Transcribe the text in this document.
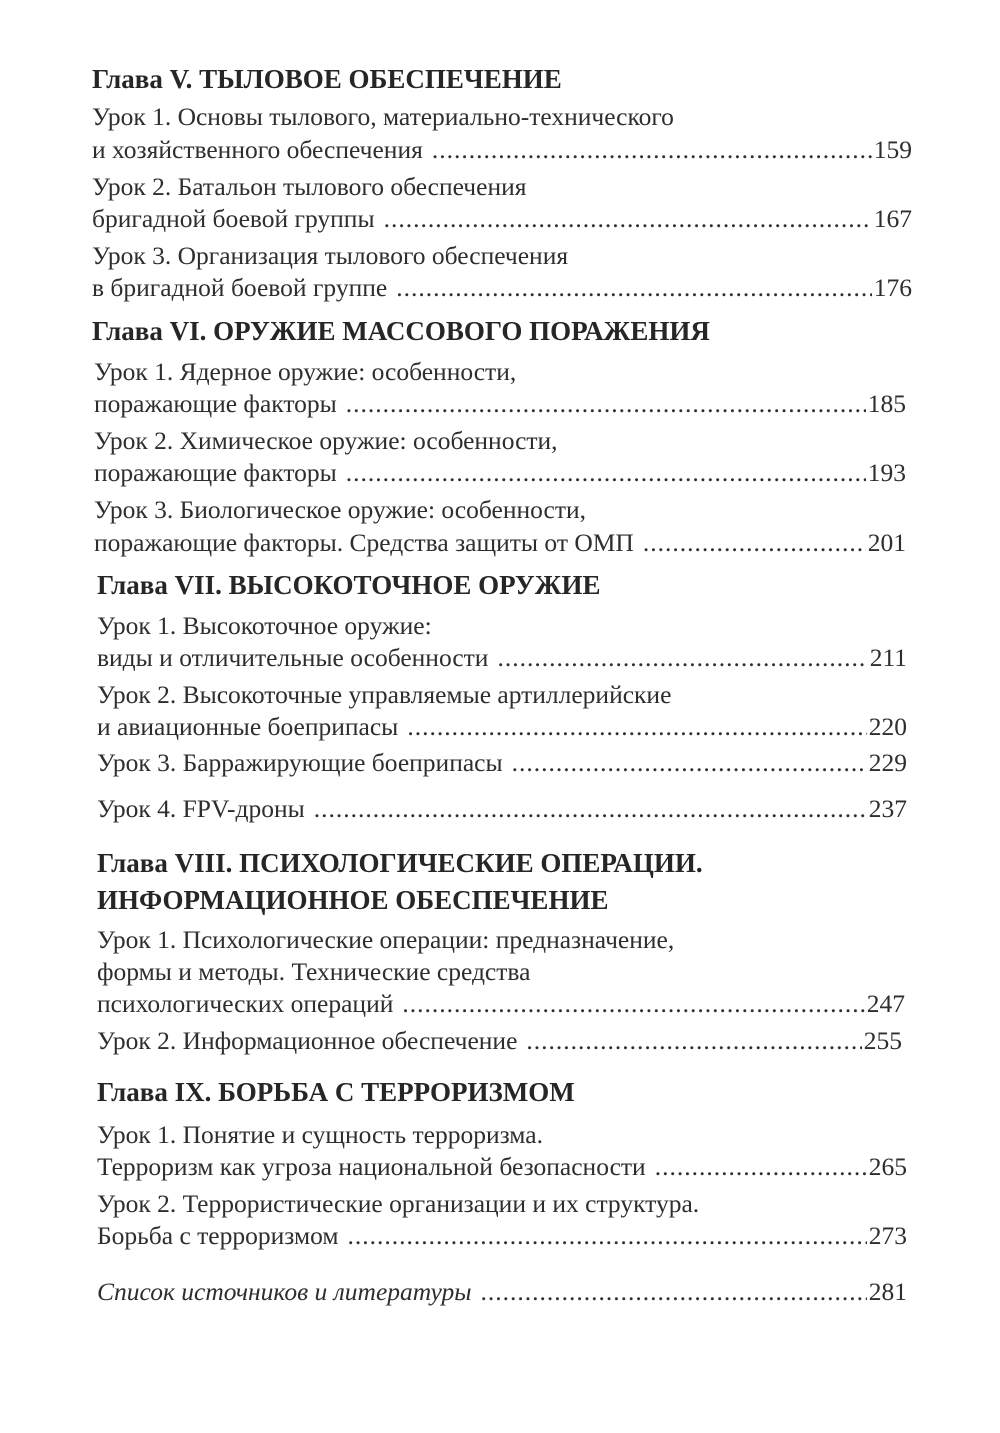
Глава V. ТЫЛОВОЕ ОБЕСПЕЧЕНИЕ
Урок 1. Основы тылового, материально-технического
и хозяйственного обеспечения .....	159
Урок 2. Батальон тылового обеспечения
бригадной боевой группы .....	167
Урок 3. Организация тылового обеспечения
в бригадной боевой группе .....	176
Глава VI. ОРУЖИЕ МАССОВОГО ПОРАЖЕНИЯ
Урок 1. Ядерное оружие: особенности,
поражающие факторы .....	185
Урок 2. Химическое оружие: особенности,
поражающие факторы .....	193
Урок 3. Биологическое оружие: особенности,
поражающие факторы. Средства защиты от ОМП .....	201
Глава VII. ВЫСОКОТОЧНОЕ ОРУЖИЕ
Урок 1. Высокоточное оружие:
виды и отличительные особенности .....	211
Урок 2. Высокоточные управляемые артиллерийские
и авиационные боеприпасы .....	220
Урок 3. Барражирующие боеприпасы .....	229
Урок 4. FPV-дроны .....	237
Глава VIII. ПСИХОЛОГИЧЕСКИЕ ОПЕРАЦИИ.
ИНФОРМАЦИОННОЕ ОБЕСПЕЧЕНИЕ
Урок 1. Психологические операции: предназначение,
формы и методы. Технические средства
психологических операций .....	247
Урок 2. Информационное обеспечение .....	255
Глава IX. БОРЬБА С ТЕРРОРИЗМОМ
Урок 1. Понятие и сущность терроризма.
Терроризм как угроза национальной безопасности .....	265
Урок 2. Террористические организации и их структура.
Борьба с терроризмом .....	273
Список источников и литературы .....	281
